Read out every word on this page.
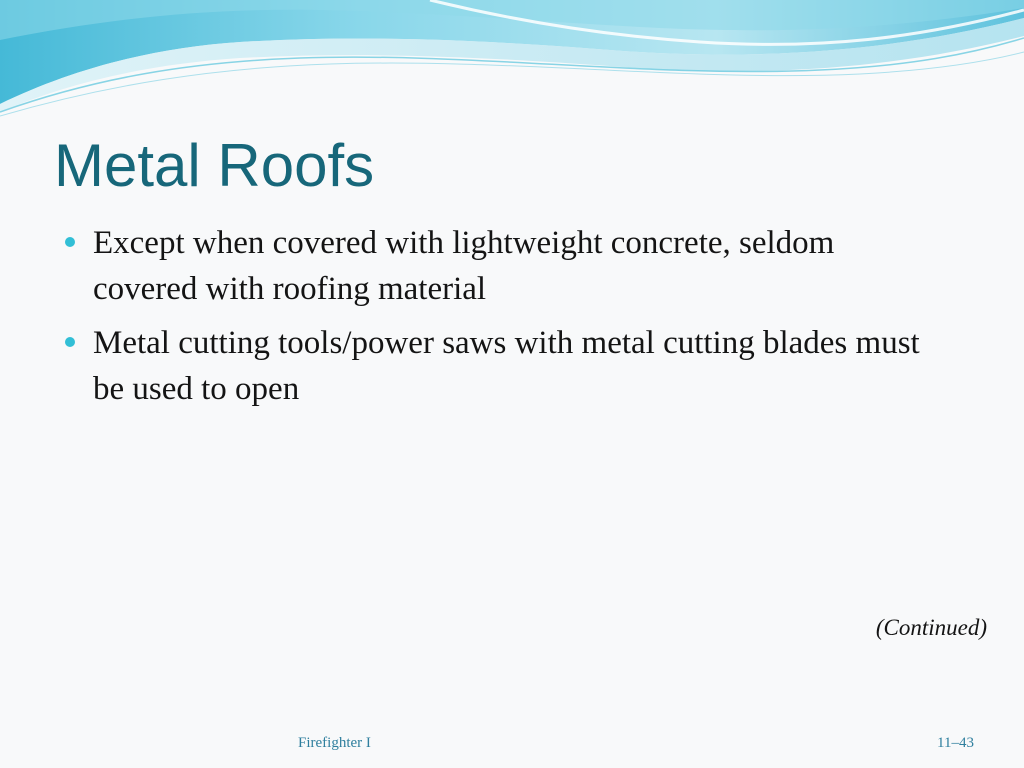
Metal Roofs
Except when covered with lightweight concrete, seldom covered with roofing material
Metal cutting tools/power saws with metal cutting blades must be used to open
(Continued)
Firefighter I	11–43
